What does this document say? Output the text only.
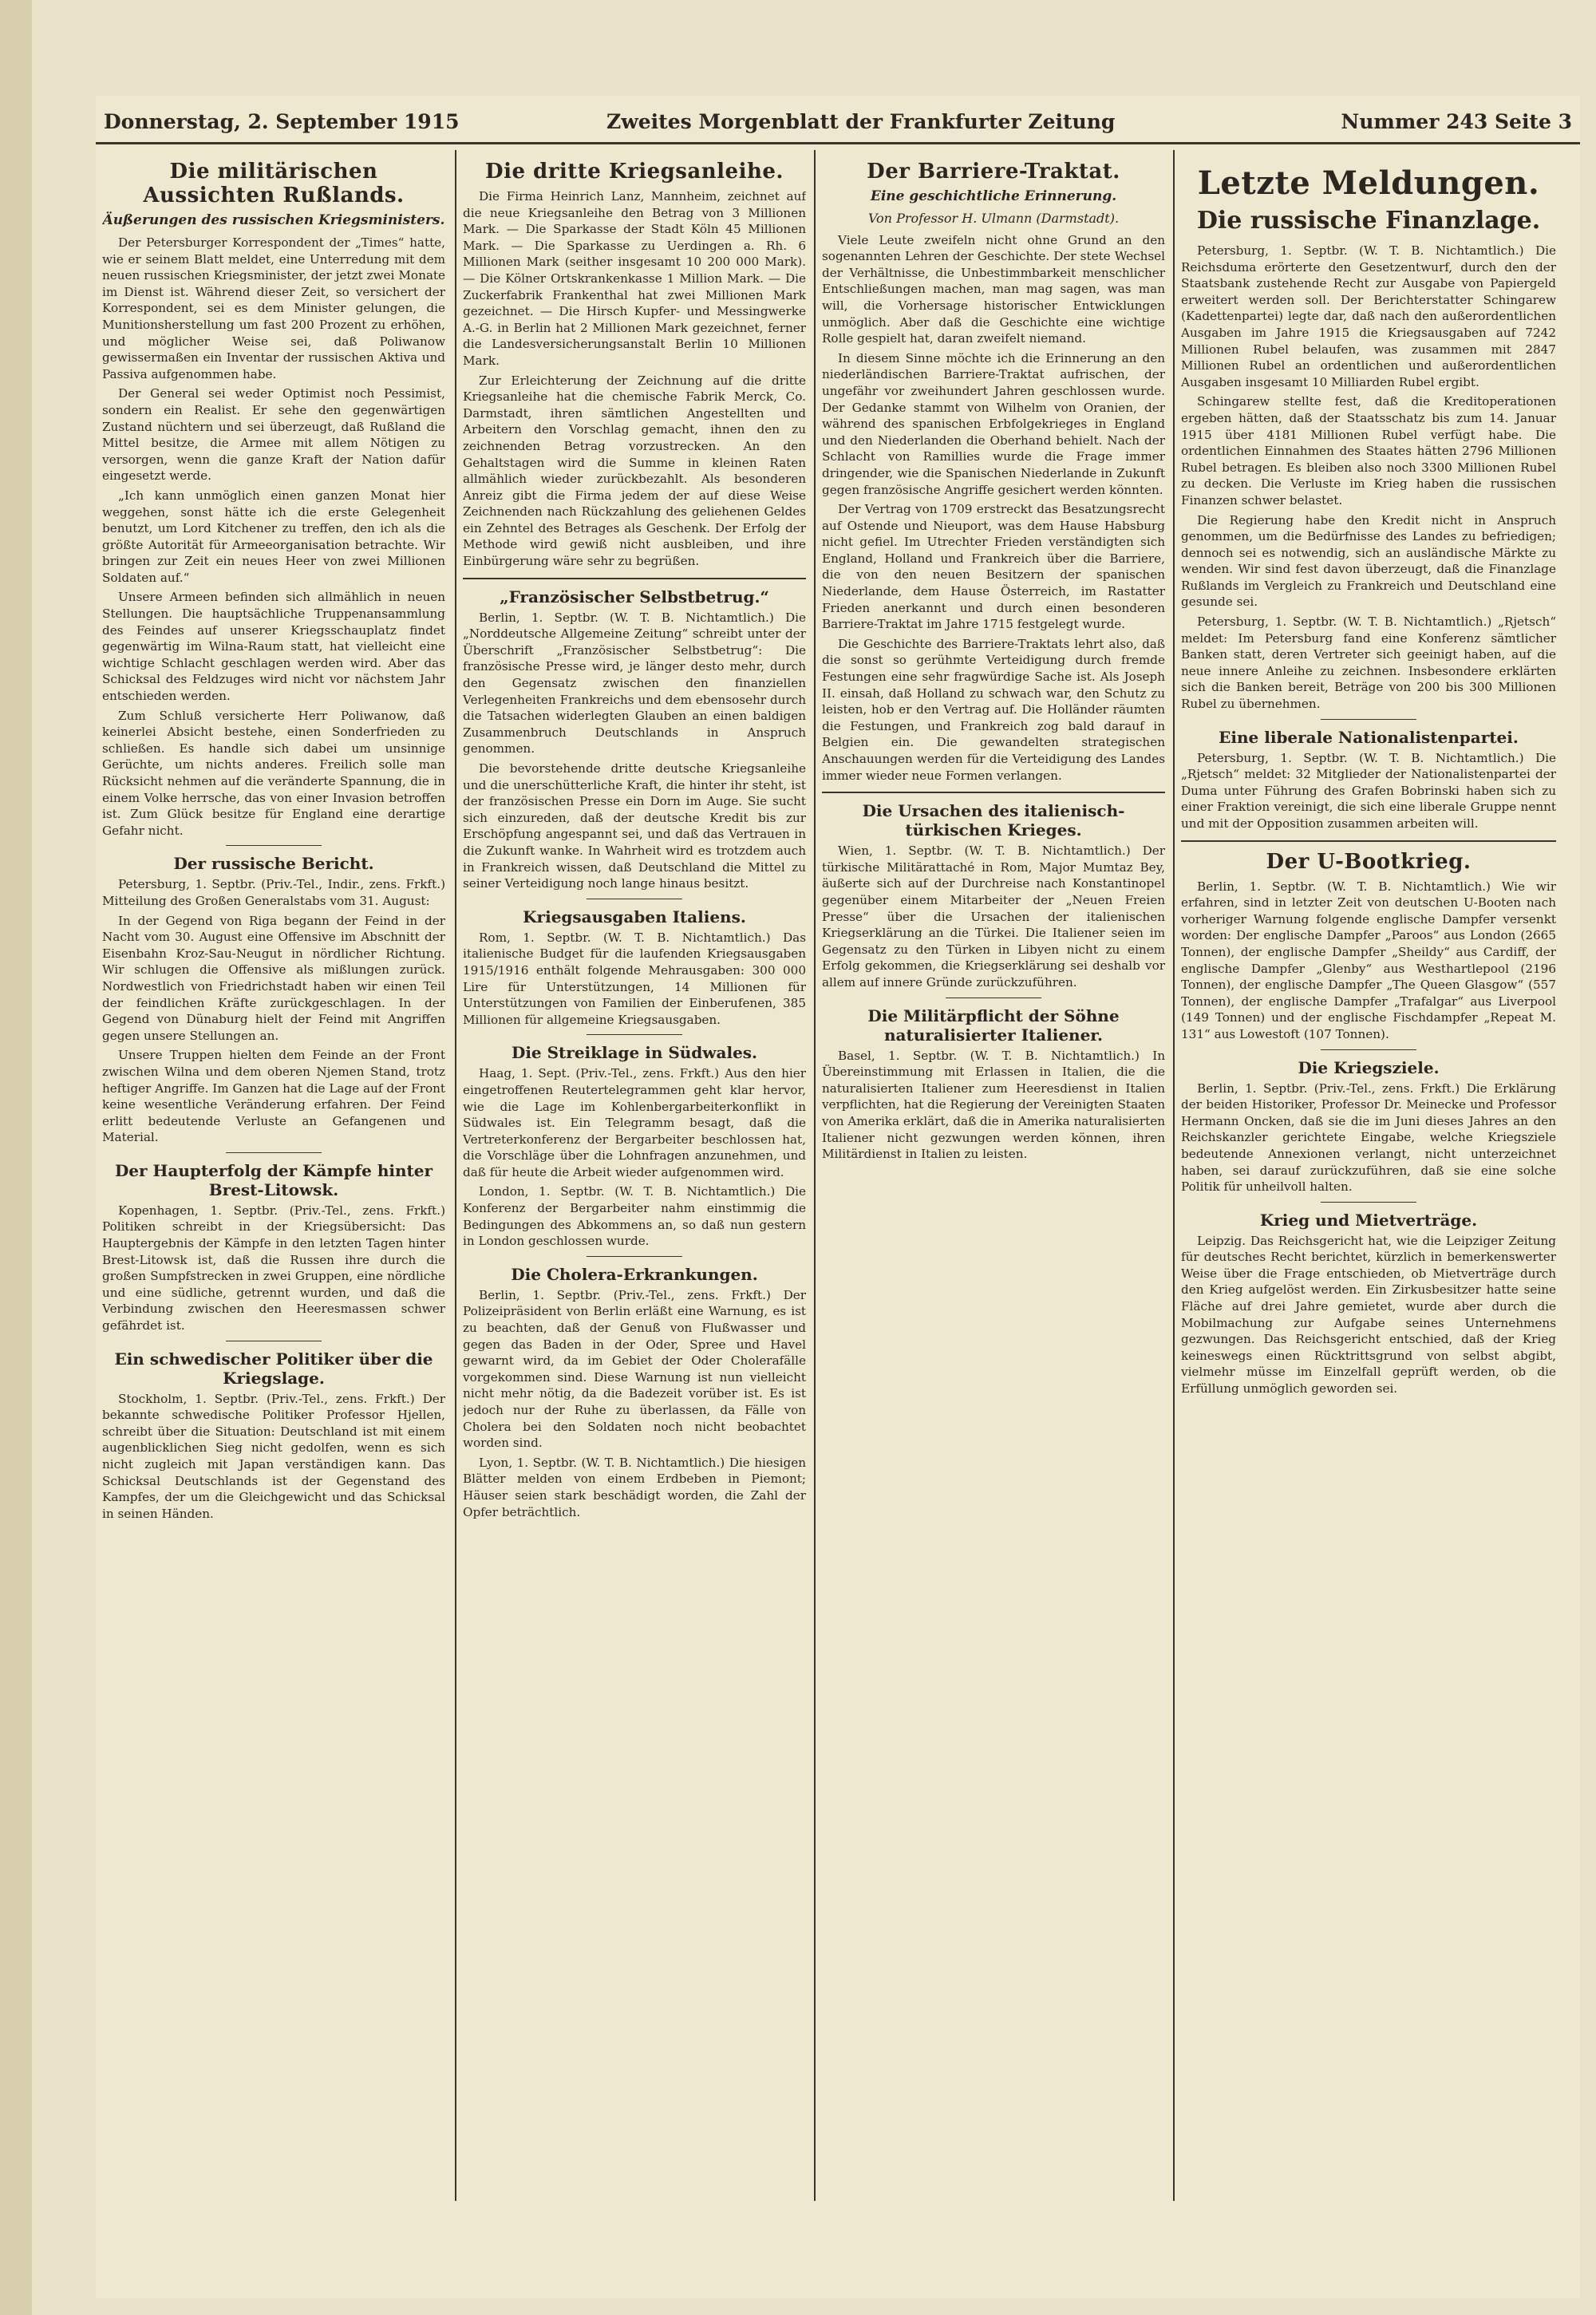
Donnerstag, 2. September 1915	Zweites Morgenblatt der Frankfurter Zeitung	Nummer 243 Seite 3
Die militärischen Aussichten Rußlands.
Äußerungen des russischen Kriegsministers.

Der Petersburger Korrespondent der „Times“ hatte, wie er seinem Blatt meldet, eine Unterredung mit dem neuen russischen Kriegsminister, der jetzt zwei Monate im Dienst ist. Während dieser Zeit, so versichert der Korrespondent, sei es dem Minister gelungen, die Munitionsherstellung um fast 200 Prozent zu erhöhen, und möglicher Weise sei, daß Poliwanow gewissermaßen ein Inventar der russischen Aktiva und Passiva aufgenommen habe.

Der General sei weder Optimist noch Pessimist, sondern ein Realist. Er sehe den gegenwärtigen Zustand nüchtern und sei überzeugt, daß Rußland die Mittel besitze, die Armee mit allem Nötigen zu versorgen, wenn die ganze Kraft der Nation dafür eingesetzt werde.

„Ich kann unmöglich einen ganzen Monat hier weggehen, sonst hätte ich die erste Gelegenheit benutzt, um Lord Kitchener zu treffen, den ich als die größte Autorität für Armeeorganisation betrachte. Wir bringen zur Zeit ein neues Heer von zwei Millionen Soldaten auf.“

Unsere Armeen befinden sich allmählich in neuen Stellungen. Die hauptsächliche Truppenansammlung des Feindes auf unserer Kriegsschauplatz findet gegenwärtig im Wilna-Raum statt, hat vielleicht eine wichtige Schlacht geschlagen werden wird. Aber das Schicksal des Feldzuges wird nicht vor nächstem Jahr entschieden werden.

Zum Schluß versicherte Herr Poliwanow, daß keinerlei Absicht bestehe, einen Sonderfrieden zu schließen. Es handle sich dabei um unsinnige Gerüchte, um nichts anderes. Freilich solle man Rücksicht nehmen auf die veränderte Spannung, die in einem Volke herrsche, das von einer Invasion betroffen ist. Zum Glück besitze für England eine derartige Gefahr nicht.

Der russische Bericht.

Petersburg, 1. Septbr. (Priv.-Tel., Indir., zens. Frkft.) Mitteilung des Großen Generalstabs vom 31. August:

In der Gegend von Riga begann der Feind in der Nacht vom 30. August eine Offensive im Abschnitt der Eisenbahn Kroz-Sau-Neugut in nördlicher Richtung. Wir schlugen die Offensive als mißlungen zurück. Nordwestlich von Friedrichstadt haben wir einen Teil der feindlichen Kräfte zurückgeschlagen. In der Gegend von Dünaburg hielt der Feind mit Angriffen gegen unsere Stellungen an.

Unsere Truppen hielten dem Feinde an der Front zwischen Wilna und dem oberen Njemen Stand, trotz heftiger Angriffe. Im Ganzen hat die Lage auf der Front keine wesentliche Veränderung erfahren. Der Feind erlitt bedeutende Verluste an Gefangenen und Material.

Der Haupterfolg der Kämpfe hinter Brest-Litowsk.

Kopenhagen, 1. Septbr. (Priv.-Tel., zens. Frkft.) Politiken schreibt in der Kriegsübersicht: Das Hauptergebnis der Kämpfe in den letzten Tagen hinter Brest-Litowsk ist, daß die Russen ihre durch die großen Sumpfstrecken in zwei Gruppen, eine nördliche und eine südliche, getrennt wurden, und daß die Verbindung zwischen den Heeresmassen schwer gefährdet ist.

Ein schwedischer Politiker über die Kriegslage.

Stockholm, 1. Septbr. (Priv.-Tel., zens. Frkft.) Der bekannte schwedische Politiker Professor Hjellen, schreibt über die Situation: Deutschland ist mit einem augenblicklichen Sieg nicht gedolfen, wenn es sich nicht zugleich mit Japan verständigen kann. Das Schicksal Deutschlands ist der Gegenstand des Kampfes, der um die Gleichgewicht und das Schicksal in seinen Händen.

Die dritte Kriegsanleihe.

Die Firma Heinrich Lanz, Mannheim, zeichnet auf die neue Kriegsanleihe den Betrag von 3 Millionen Mark. — Die Sparkasse der Stadt Köln 45 Millionen Mark. — Die Sparkasse zu Uerdingen a. Rh. 6 Millionen Mark (seither insgesamt 10 200 000 Mark). — Die Kölner Ortskrankenkasse 1 Million Mark. — Die Zuckerfabrik Frankenthal hat zwei Millionen Mark gezeichnet. — Die Hirsch Kupfer- und Messingwerke A.-G. in Berlin hat 2 Millionen Mark gezeichnet, ferner die Landesversicherungsanstalt Berlin 10 Millionen Mark.

Zur Erleichterung der Zeichnung auf die dritte Kriegsanleihe hat die chemische Fabrik Merck, Co. Darmstadt, ihren sämtlichen Angestellten und Arbeitern den Vorschlag gemacht, ihnen den zu zeichnenden Betrag vorzustrecken. An den Gehaltstagen wird die Summe in kleinen Raten allmählich wieder zurückbezahlt. Als besonderen Anreiz gibt die Firma jedem der auf diese Weise Zeichnenden nach Rückzahlung des geliehenen Geldes ein Zehntel des Betrages als Geschenk. Der Erfolg der Methode wird gewiß nicht ausbleiben, und ihre Einbürgerung wäre sehr zu begrüßen.

„Französischer Selbstbetrug.“

Berlin, 1. Septbr. (W. T. B. Nichtamtlich.) Die „Norddeutsche Allgemeine Zeitung“ schreibt unter der Überschrift „Französischer Selbstbetrug“: Die französische Presse wird, je länger desto mehr, durch den Gegensatz zwischen den finanziellen Verlegenheiten Frankreichs und dem ebensosehr durch die Tatsachen widerlegten Glauben an einen baldigen Zusammenbruch Deutschlands in Anspruch genommen.

Die bevorstehende dritte deutsche Kriegsanleihe und die unerschütterliche Kraft, die hinter ihr steht, ist der französischen Presse ein Dorn im Auge. Sie sucht sich einzureden, daß der deutsche Kredit bis zur Erschöpfung angespannt sei, und daß das Vertrauen in die Zukunft wanke. In Wahrheit wird es trotzdem auch in Frankreich wissen, daß Deutschland die Mittel zu seiner Verteidigung noch lange hinaus besitzt.

Kriegsausgaben Italiens.

Rom, 1. Septbr. (W. T. B. Nichtamtlich.) Das italienische Budget für die laufenden Kriegsausgaben 1915/1916 enthält folgende Mehrausgaben: 300 000 Lire für Unterstützungen, 14 Millionen für Unterstützungen von Familien der Einberufenen, 385 Millionen für allgemeine Kriegsausgaben.

Die Streiklage in Südwales.

Haag, 1. Sept. (Priv.-Tel., zens. Frkft.) Aus den hier eingetroffenen Reutertelegrammen geht klar hervor, wie die Lage im Kohlenbergarbeiterkonflikt in Südwales ist. Ein Telegramm besagt, daß die Vertreterkonferenz der Bergarbeiter beschlossen hat, die Vorschläge über die Lohnfragen anzunehmen, und daß für heute die Arbeit wieder aufgenommen wird.

London, 1. Septbr. (W. T. B. Nichtamtlich.) Die Konferenz der Bergarbeiter nahm einstimmig die Bedingungen des Abkommens an, so daß nun gestern in London geschlossen wurde.

Die Cholera-Erkrankungen.

Berlin, 1. Septbr. (Priv.-Tel., zens. Frkft.) Der Polizeipräsident von Berlin erläßt eine Warnung, es ist zu beachten, daß der Genuß von Flußwasser und gegen das Baden in der Oder, Spree und Havel gewarnt wird, da im Gebiet der Oder Cholerafälle vorgekommen sind. Diese Warnung ist nun vielleicht nicht mehr nötig, da die Badezeit vorüber ist. Es ist jedoch nur der Ruhe zu überlassen, da Fälle von Cholera bei den Soldaten noch nicht beobachtet worden sind.

Lyon, 1. Septbr. (W. T. B. Nichtamtlich.) Die hiesigen Blätter melden von einem Erdbeben in Piemont; Häuser seien stark beschädigt worden, die Zahl der Opfer beträchtlich.

Der Barriere-Traktat.
Eine geschichtliche Erinnerung.

Von Professor H. Ulmann (Darmstadt).

Viele Leute zweifeln nicht ohne Grund an den sogenannten Lehren der Geschichte. Der stete Wechsel der Verhältnisse, die Unbestimmbarkeit menschlicher Entschließungen machen, man mag sagen, was man will, die Vorhersage historischer Entwicklungen unmöglich. Aber daß die Geschichte eine wichtige Rolle gespielt hat, daran zweifelt niemand.

In diesem Sinne möchte ich die Erinnerung an den niederländischen Barriere-Traktat aufrischen, der ungefähr vor zweihundert Jahren geschlossen wurde. Der Gedanke stammt von Wilhelm von Oranien, der während des spanischen Erbfolgekrieges in England und den Niederlanden die Oberhand behielt. Nach der Schlacht von Ramillies wurde die Frage immer dringender, wie die Spanischen Niederlande in Zukunft gegen französische Angriffe gesichert werden könnten.

Der Vertrag von 1709 erstreckt das Besatzungsrecht auf Ostende und Nieuport, was dem Hause Habsburg nicht gefiel. Im Utrechter Frieden verständigten sich England, Holland und Frankreich über die Barriere, die von den neuen Besitzern der spanischen Niederlande, dem Hause Österreich, im Rastatter Frieden anerkannt und durch einen besonderen Barriere-Traktat im Jahre 1715 festgelegt wurde.

Die Geschichte des Barriere-Traktats lehrt also, daß die sonst so gerühmte Verteidigung durch fremde Festungen eine sehr fragwürdige Sache ist. Als Joseph II. einsah, daß Holland zu schwach war, den Schutz zu leisten, hob er den Vertrag auf. Die Holländer räumten die Festungen, und Frankreich zog bald darauf in Belgien ein. Die gewandelten strategischen Anschauungen werden für die Verteidigung des Landes immer wieder neue Formen verlangen.

Die Ursachen des italienisch-türkischen Krieges.

Wien, 1. Septbr. (W. T. B. Nichtamtlich.) Der türkische Militärattaché in Rom, Major Mumtaz Bey, äußerte sich auf der Durchreise nach Konstantinopel gegenüber einem Mitarbeiter der „Neuen Freien Presse“ über die Ursachen der italienischen Kriegserklärung an die Türkei. Die Italiener seien im Gegensatz zu den Türken in Libyen nicht zu einem Erfolg gekommen, die Kriegserklärung sei deshalb vor allem auf innere Gründe zurückzuführen.

Die Militärpflicht der Söhne naturalisierter Italiener.

Basel, 1. Septbr. (W. T. B. Nichtamtlich.) In Übereinstimmung mit Erlassen in Italien, die die naturalisierten Italiener zum Heeresdienst in Italien verpflichten, hat die Regierung der Vereinigten Staaten von Amerika erklärt, daß die in Amerika naturalisierten Italiener nicht gezwungen werden können, ihren Militärdienst in Italien zu leisten.

Letzte Meldungen.
Die russische Finanzlage.

Petersburg, 1. Septbr. (W. T. B. Nichtamtlich.) Die Reichsduma erörterte den Gesetzentwurf, durch den der Staatsbank zustehende Recht zur Ausgabe von Papiergeld erweitert werden soll. Der Berichterstatter Schingarew (Kadettenpartei) legte dar, daß nach den außerordentlichen Ausgaben im Jahre 1915 die Kriegsausgaben auf 7242 Millionen Rubel belaufen, was zusammen mit 2847 Millionen Rubel an ordentlichen und außerordentlichen Ausgaben insgesamt 10 Milliarden Rubel ergibt.

Schingarew stellte fest, daß die Kreditoperationen ergeben hätten, daß der Staatsschatz bis zum 14. Januar 1915 über 4181 Millionen Rubel verfügt habe. Die ordentlichen Einnahmen des Staates hätten 2796 Millionen Rubel betragen. Es bleiben also noch 3300 Millionen Rubel zu decken. Die Verluste im Krieg haben die russischen Finanzen schwer belastet.

Die Regierung habe den Kredit nicht in Anspruch genommen, um die Bedürfnisse des Landes zu befriedigen; dennoch sei es notwendig, sich an ausländische Märkte zu wenden. Wir sind fest davon überzeugt, daß die Finanzlage Rußlands im Vergleich zu Frankreich und Deutschland eine gesunde sei.

Petersburg, 1. Septbr. (W. T. B. Nichtamtlich.) „Rjetsch“ meldet: Im Petersburg fand eine Konferenz sämtlicher Banken statt, deren Vertreter sich geeinigt haben, auf die neue innere Anleihe zu zeichnen. Insbesondere erklärten sich die Banken bereit, Beträge von 200 bis 300 Millionen Rubel zu übernehmen.

Eine liberale Nationalistenpartei.

Petersburg, 1. Septbr. (W. T. B. Nichtamtlich.) Die „Rjetsch“ meldet: 32 Mitglieder der Nationalistenpartei der Duma unter Führung des Grafen Bobrinski haben sich zu einer Fraktion vereinigt, die sich eine liberale Gruppe nennt und mit der Opposition zusammen arbeiten will.

Der U-Bootkrieg.

Berlin, 1. Septbr. (W. T. B. Nichtamtlich.) Wie wir erfahren, sind in letzter Zeit von deutschen U-Booten nach vorheriger Warnung folgende englische Dampfer versenkt worden: Der englische Dampfer „Paroos“ aus London (2665 Tonnen), der englische Dampfer „Sheildy“ aus Cardiff, der englische Dampfer „Glenby“ aus Westhartlepool (2196 Tonnen), der englische Dampfer „The Queen Glasgow“ (557 Tonnen), der englische Dampfer „Trafalgar“ aus Liverpool (149 Tonnen) und der englische Fischdampfer „Repeat M. 131“ aus Lowestoft (107 Tonnen).

Die Kriegsziele.

Berlin, 1. Septbr. (Priv.-Tel., zens. Frkft.) Die Erklärung der beiden Historiker, Professor Dr. Meinecke und Professor Hermann Oncken, daß sie die im Juni dieses Jahres an den Reichskanzler gerichtete Eingabe, welche Kriegsziele bedeutende Annexionen verlangt, nicht unterzeichnet haben, sei darauf zurückzuführen, daß sie eine solche Politik für unheilvoll halten.

Krieg und Mietverträge.

Leipzig. Das Reichsgericht hat, wie die Leipziger Zeitung für deutsches Recht berichtet, kürzlich in bemerkenswerter Weise über die Frage entschieden, ob Mietverträge durch den Krieg aufgelöst werden. Ein Zirkusbesitzer hatte seine Fläche auf drei Jahre gemietet, wurde aber durch die Mobilmachung zur Aufgabe seines Unternehmens gezwungen. Das Reichsgericht entschied, daß der Krieg keineswegs einen Rücktrittsgrund von selbst abgibt, vielmehr müsse im Einzelfall geprüft werden, ob die Erfüllung unmöglich geworden sei.
